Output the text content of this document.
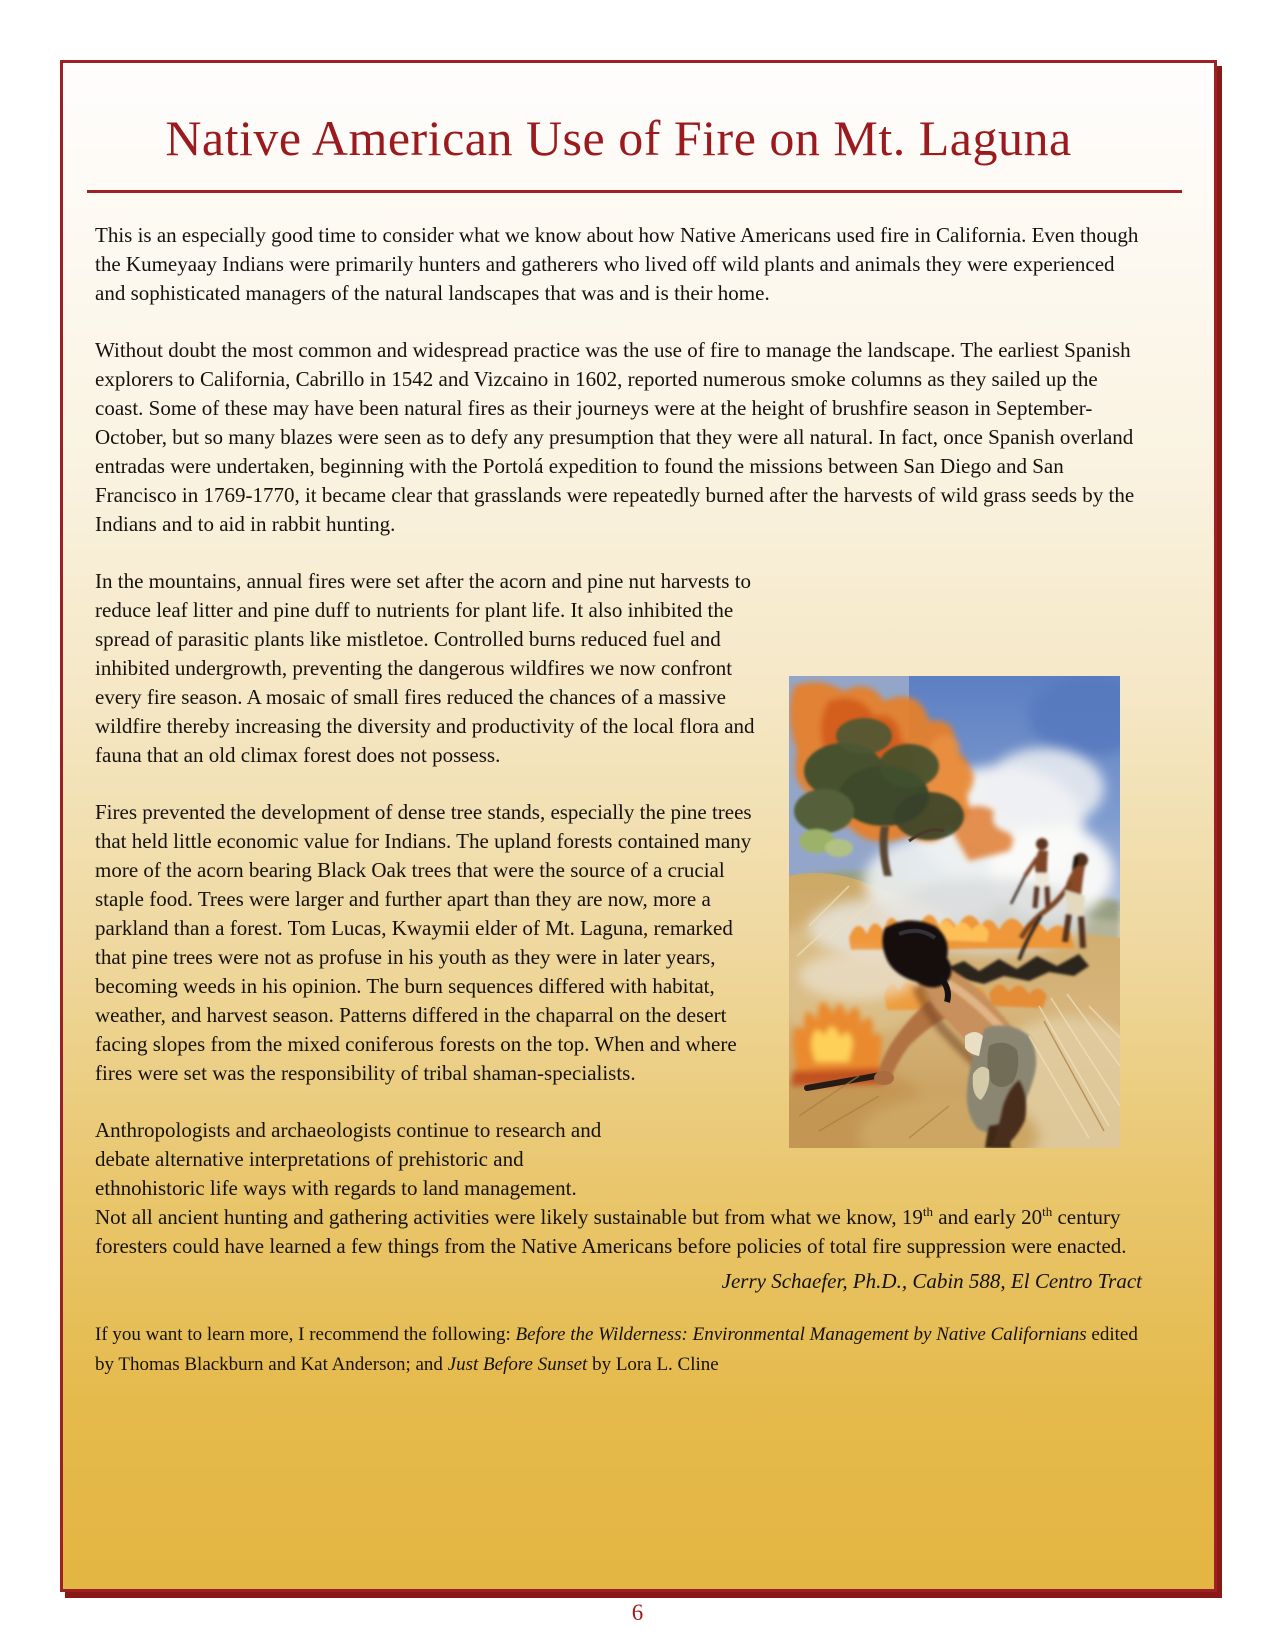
Native American Use of Fire on Mt. Laguna

This is an especially good time to consider what we know about how Native Americans used fire in California. Even though the Kumeyaay Indians were primarily hunters and gatherers who lived off wild plants and animals they were experienced and sophisticated managers of the natural landscapes that was and is their home.

Without doubt the most common and widespread practice was the use of fire to manage the landscape. The earliest Spanish explorers to California, Cabrillo in 1542 and Vizcaino in 1602, reported numerous smoke columns as they sailed up the coast. Some of these may have been natural fires as their journeys were at the height of brushfire season in September-October, but so many blazes were seen as to defy any presumption that they were all natural. In fact, once Spanish overland entradas were undertaken, beginning with the Portolá expedition to found the missions between San Diego and San Francisco in 1769-1770, it became clear that grasslands were repeatedly burned after the harvests of wild grass seeds by the Indians and to aid in rabbit hunting.

In the mountains, annual fires were set after the acorn and pine nut harvests to reduce leaf litter and pine duff to nutrients for plant life. It also inhibited the spread of parasitic plants like mistletoe. Controlled burns reduced fuel and inhibited undergrowth, preventing the dangerous wildfires we now confront every fire season. A mosaic of small fires reduced the chances of a massive wildfire thereby increasing the diversity and productivity of the local flora and fauna that an old climax forest does not possess.

Fires prevented the development of dense tree stands, especially the pine trees that held little economic value for Indians. The upland forests contained many more of the acorn bearing Black Oak trees that were the source of a crucial staple food. Trees were larger and further apart than they are now, more a parkland than a forest. Tom Lucas, Kwaymii elder of Mt. Laguna, remarked that pine trees were not as profuse in his youth as they were in later years, becoming weeds in his opinion. The burn sequences differed with habitat, weather, and harvest season. Patterns differed in the chaparral on the desert facing slopes from the mixed coniferous forests on the top. When and where fires were set was the responsibility of tribal shaman-specialists.

Anthropologists and archaeologists continue to research and
debate alternative interpretations of prehistoric and
ethnohistoric life ways with regards to land management.
Not all ancient hunting and gathering activities were likely sustainable but from what we know, 19th and early 20th century foresters could have learned a few things from the Native Americans before policies of total fire suppression were enacted.

Jerry Schaefer, Ph.D., Cabin 588, El Centro Tract

If you want to learn more, I recommend the following: Before the Wilderness: Environmental Management by Native Californians edited by Thomas Blackburn and Kat Anderson; and Just Before Sunset by Lora L. Cline

6
